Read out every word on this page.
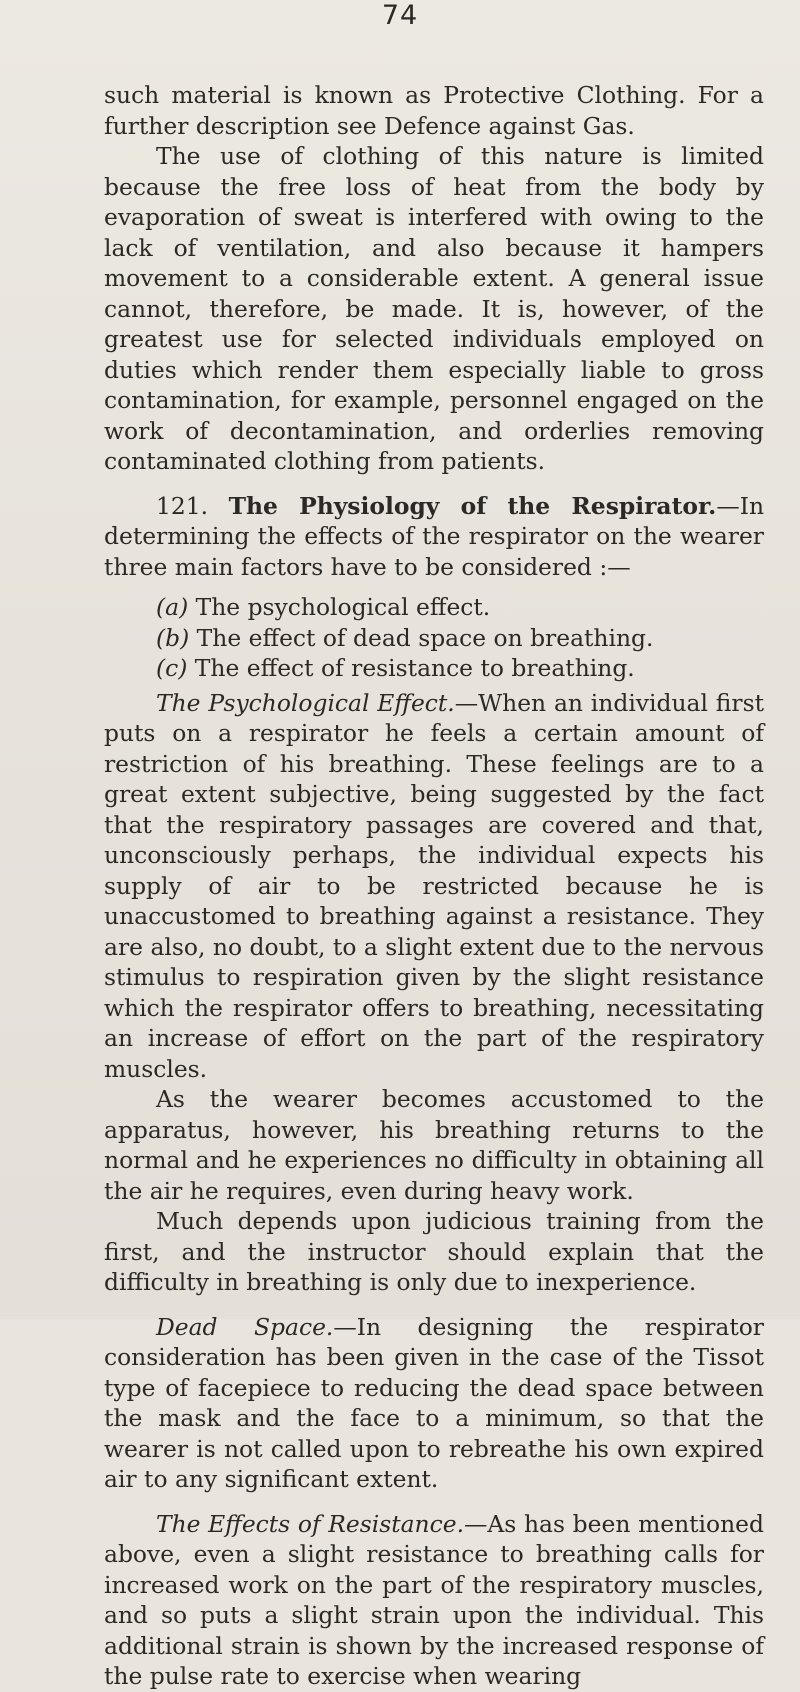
74

such material is known as Protective Clothing. For a further description see Defence against Gas.

The use of clothing of this nature is limited because the free loss of heat from the body by evaporation of sweat is interfered with owing to the lack of ventilation, and also because it hampers movement to a considerable extent. A general issue cannot, therefore, be made. It is, however, of the greatest use for selected individuals employed on duties which render them especially liable to gross contamination, for example, personnel engaged on the work of decontamination, and orderlies removing contaminated clothing from patients.

121. The Physiology of the Respirator.—In determining the effects of the respirator on the wearer three main factors have to be considered :—

(a) The psychological effect.
(b) The effect of dead space on breathing.
(c) The effect of resistance to breathing.

The Psychological Effect.—When an individual first puts on a respirator he feels a certain amount of restriction of his breathing. These feelings are to a great extent subjective, being suggested by the fact that the respiratory passages are covered and that, unconsciously perhaps, the individual expects his supply of air to be restricted because he is unaccustomed to breathing against a resistance. They are also, no doubt, to a slight extent due to the nervous stimulus to respiration given by the slight resistance which the respirator offers to breathing, necessitating an increase of effort on the part of the respiratory muscles.

As the wearer becomes accustomed to the apparatus, however, his breathing returns to the normal and he experiences no difficulty in obtaining all the air he requires, even during heavy work.

Much depends upon judicious training from the first, and the instructor should explain that the difficulty in breathing is only due to inexperience.

Dead Space.—In designing the respirator consideration has been given in the case of the Tissot type of facepiece to reducing the dead space between the mask and the face to a minimum, so that the wearer is not called upon to rebreathe his own expired air to any significant extent.

The Effects of Resistance.—As has been mentioned above, even a slight resistance to breathing calls for increased work on the part of the respiratory muscles, and so puts a slight strain upon the individual. This additional strain is shown by the increased response of the pulse rate to exercise when wearing
